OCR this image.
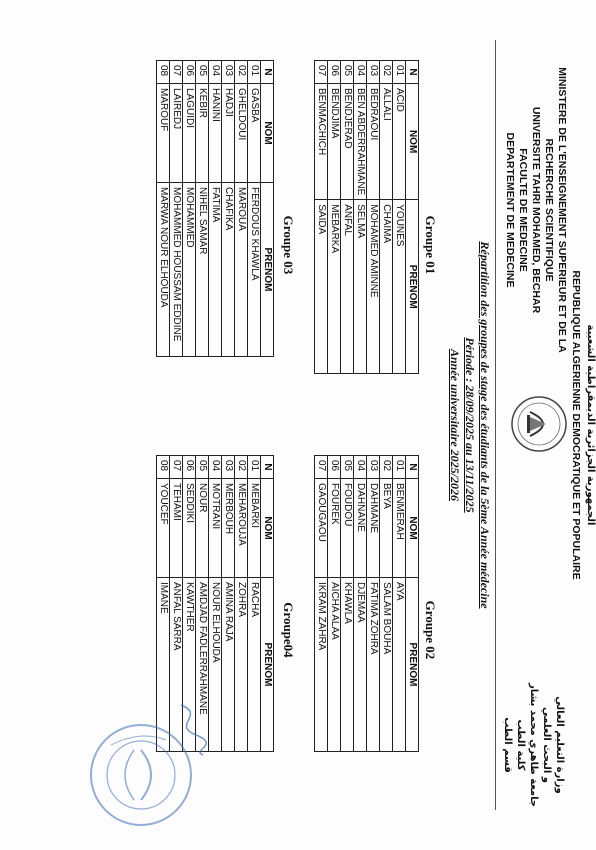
REPUBLIQUE ALGERIENNE DEMOCRATIQUE ET POPULAIRE الجمهورية الجزائرية الديمقراطية الشعبية
MINISTERE DE L'ENSEIGNEMENT SUPERIEUR ET DE LA
RECHERCHE SCIENTIFIQUE
UNIVERSITE TAHRI MOHAMED, BECHAR
FACULTE DE MEDECINE
DEPARTEMENT DE MEDECINE
وزارة التعليم العالي
و البحث العلمي
جامعة طاهري محمد بشار
كلية الطب
قسم الطب
Répartition des groupes de stage des étudiants de la 5ème Année médecine
Période : 28/09/2025 au 13/11/2025
Année universitaire 2025/2026
Groupe 01
N	NOM	PRENOM
01	ACID	YOUNES
02	ALLALI	CHAIMA
03	BEDRAOUI	MOHAMED AMINNE
04	BEN ABDERRAHMANE	SELMA
05	BENDJERAD	ANFAL
06	BENDJIMA	MEBARKA
07	BENMACHICH	SAIDA
Groupe 02
N	NOM	PRENOM
01	BENMERAH	AYA
02	BEYA	SALAM BOUHA
03	DAHMANE	FATIMA ZOHRA
04	DAHNANE	DJEMAA
05	FOUDOU	KHAWLA
06	FOUREK	AICHA ALAA
07	GAOUGAOU	IKRAM ZAHRA
Groupe 03
N	NOM	PRENOM
01	GASBA	FERDOUS KHAWLA
02	GHELDOUI	MAROUA
03	HADJI	CHAFIKA
04	HANINI	FATIMA
05	KEBIR	NIHEL SAMAR
06	LAGUIDI	MOHAMMED
07	LAIREDJ	MOHAMMED HOUSSAM EDDINE
08	MAROUF	MARWA NOUR ELHOUDA
Groupe04
N	NOM	PRENOM
01	MEBARKI	RACHA
02	MEHAROUJA	ZOHRA
03	MERBOUH	AMINA RAJA
04	MOTRANI	NOUR ELHOUDA
05	NOUR	AMDJAD FADLERRAHMANE
06	SEDDIKI	KAWTHER
07	TEHAMI	ANFAL SARRA
08	YOUCEF	IMANE
